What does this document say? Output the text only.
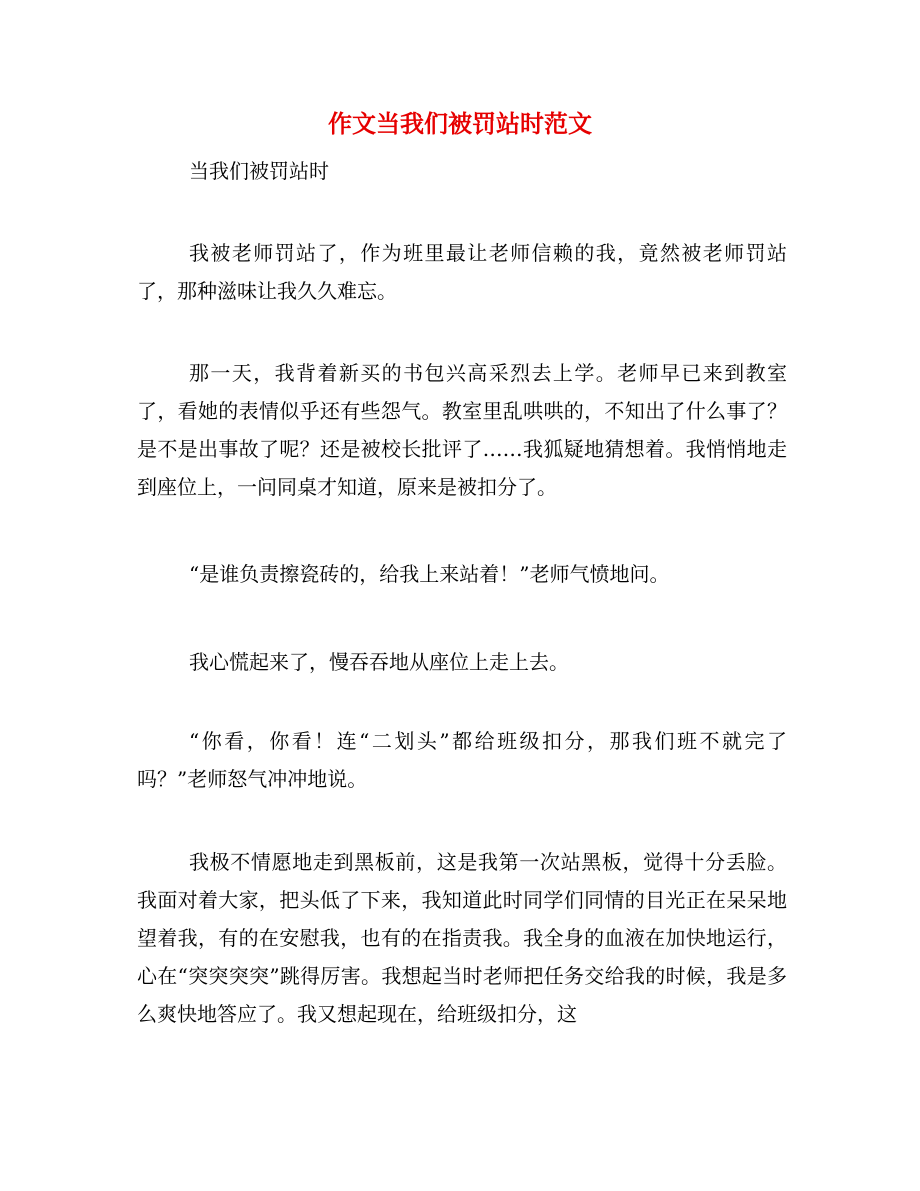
作文当我们被罚站时范文

当我们被罚站时

我被老师罚站了，作为班里最让老师信赖的我，竟然被老师罚站了，那种滋味让我久久难忘。

那一天，我背着新买的书包兴高采烈去上学。老师早已来到教室了，看她的表情似乎还有些怨气。教室里乱哄哄的，不知出了什么事了？是不是出事故了呢？还是被校长批评了……我狐疑地猜想着。我悄悄地走到座位上，一问同桌才知道，原来是被扣分了。

“是谁负责擦瓷砖的，给我上来站着！”老师气愤地问。

我心慌起来了，慢吞吞地从座位上走上去。

“你看，你看！连“二划头”都给班级扣分，那我们班不就完了吗？”老师怒气冲冲地说。

我极不情愿地走到黑板前，这是我第一次站黑板，觉得十分丢脸。我面对着大家，把头低了下来，我知道此时同学们同情的目光正在呆呆地望着我，有的在安慰我，也有的在指责我。我全身的血液在加快地运行，心在“突突突突”跳得厉害。我想起当时老师把任务交给我的时候，我是多么爽快地答应了。我又想起现在，给班级扣分，这
